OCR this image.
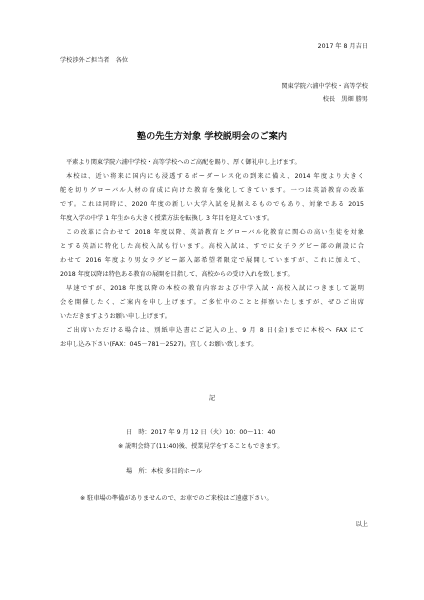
2017 年 8 月吉日
学校渉外ご担当者　各位
関東学院六浦中学校・高等学校
校長　黒畑 勝男
塾の先生方対象 学校説明会のご案内
平素より関東学院六浦中学校・高等学校へのご高配を賜り、厚く御礼申し上げます。
本校は、近い将来に国内にも浸透するボーダーレス化の到来に備え、2014 年度より大きく
舵を切りグローバル人材の育成に向けた教育を強化してきています。一つは英語教育の改革
です。これは同時に、2020 年度の新しい大学入試を見据えるものでもあり、対象である 2015
年度入学の中学 1 年生から大きく授業方法を転換し 3 年目を迎えています。
この改革に合わせて 2018 年度以降、英語教育とグローバル化教育に関心の高い生徒を対象
とする英語に特化した高校入試も行います。高校入試は、すでに女子ラグビー部の創設に合
わせて 2016 年度より男女ラグビー部入部希望者限定で展開していますが、これに加えて、
2018 年度以降は特色ある教育の展開を目指して、高校からの受け入れを致します。
早速ですが、2018 年度以降の本校の教育内容および中学入試・高校入試につきまして説明
会を開催したく、ご案内を申し上げます。ご多忙中のことと拝察いたしますが、ぜひご出席
いただきますようお願い申し上げます。
ご出席いただける場合は、別紙申込書にご記入の上、9 月 8 日(金)までに本校へ FAX にて
お申し込み下さい(FAX：045－781－2527)。宜しくお願い致します。
記
日　時：2017 年 9 月 12 日（火）10：00～11：40
※ 説明会終了(11:40)後、授業見学をすることもできます。
場　所：本校 多目的ホール
※ 駐車場の準備がありませんので、お車でのご来校はご遠慮下さい。
以上
